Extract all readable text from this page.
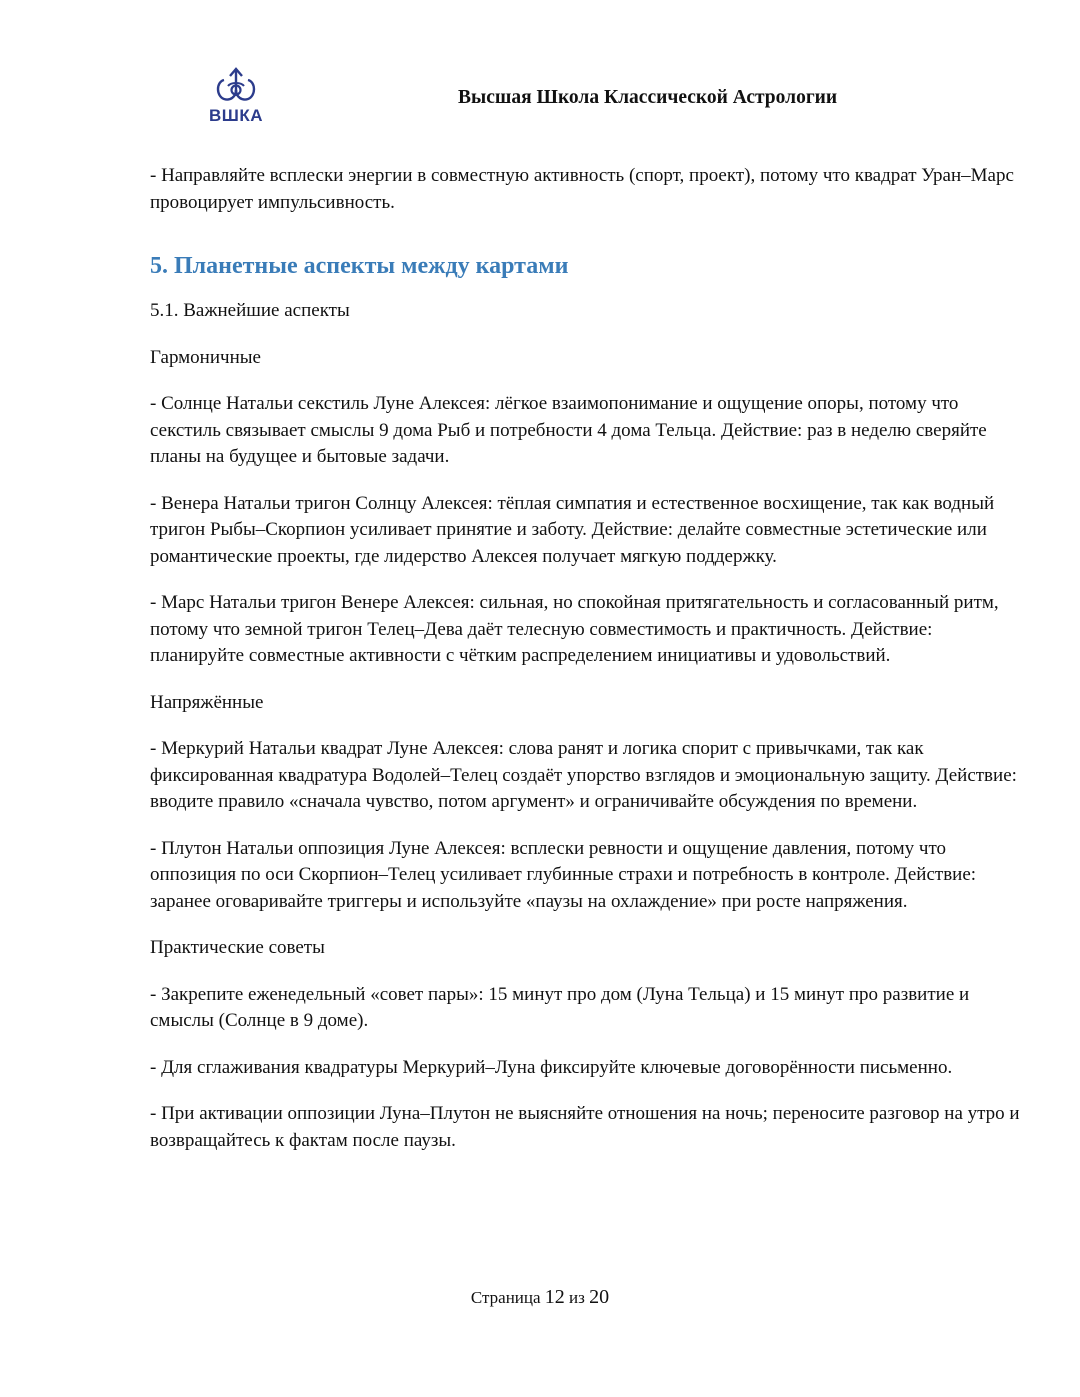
ВШКА
Высшая Школа Классической Астрологии

- Направляйте всплески энергии в совместную активность (спорт, проект), потому что квадрат Уран–Марс провоцирует импульсивность.

5. Планетные аспекты между картами

5.1. Важнейшие аспекты

Гармоничные

- Солнце Натальи секстиль Луне Алексея: лёгкое взаимопонимание и ощущение опоры, потому что секстиль связывает смыслы 9 дома Рыб и потребности 4 дома Тельца. Действие: раз в неделю сверяйте планы на будущее и бытовые задачи.

- Венера Натальи тригон Солнцу Алексея: тёплая симпатия и естественное восхищение, так как водный тригон Рыбы–Скорпион усиливает принятие и заботу. Действие: делайте совместные эстетические или романтические проекты, где лидерство Алексея получает мягкую поддержку.

- Марс Натальи тригон Венере Алексея: сильная, но спокойная притягательность и согласованный ритм, потому что земной тригон Телец–Дева даёт телесную совместимость и практичность. Действие: планируйте совместные активности с чётким распределением инициативы и удовольствий.

Напряжённые

- Меркурий Натальи квадрат Луне Алексея: слова ранят и логика спорит с привычками, так как фиксированная квадратура Водолей–Телец создаёт упорство взглядов и эмоциональную защиту. Действие: вводите правило «сначала чувство, потом аргумент» и ограничивайте обсуждения по времени.

- Плутон Натальи оппозиция Луне Алексея: всплески ревности и ощущение давления, потому что оппозиция по оси Скорпион–Телец усиливает глубинные страхи и потребность в контроле. Действие: заранее оговаривайте триггеры и используйте «паузы на охлаждение» при росте напряжения.

Практические советы

- Закрепите еженедельный «совет пары»: 15 минут про дом (Луна Тельца) и 15 минут про развитие и смыслы (Солнце в 9 доме).

- Для сглаживания квадратуры Меркурий–Луна фиксируйте ключевые договорённости письменно.

- При активации оппозиции Луна–Плутон не выясняйте отношения на ночь; переносите разговор на утро и возвращайтесь к фактам после паузы.

Страница 12 из 20
